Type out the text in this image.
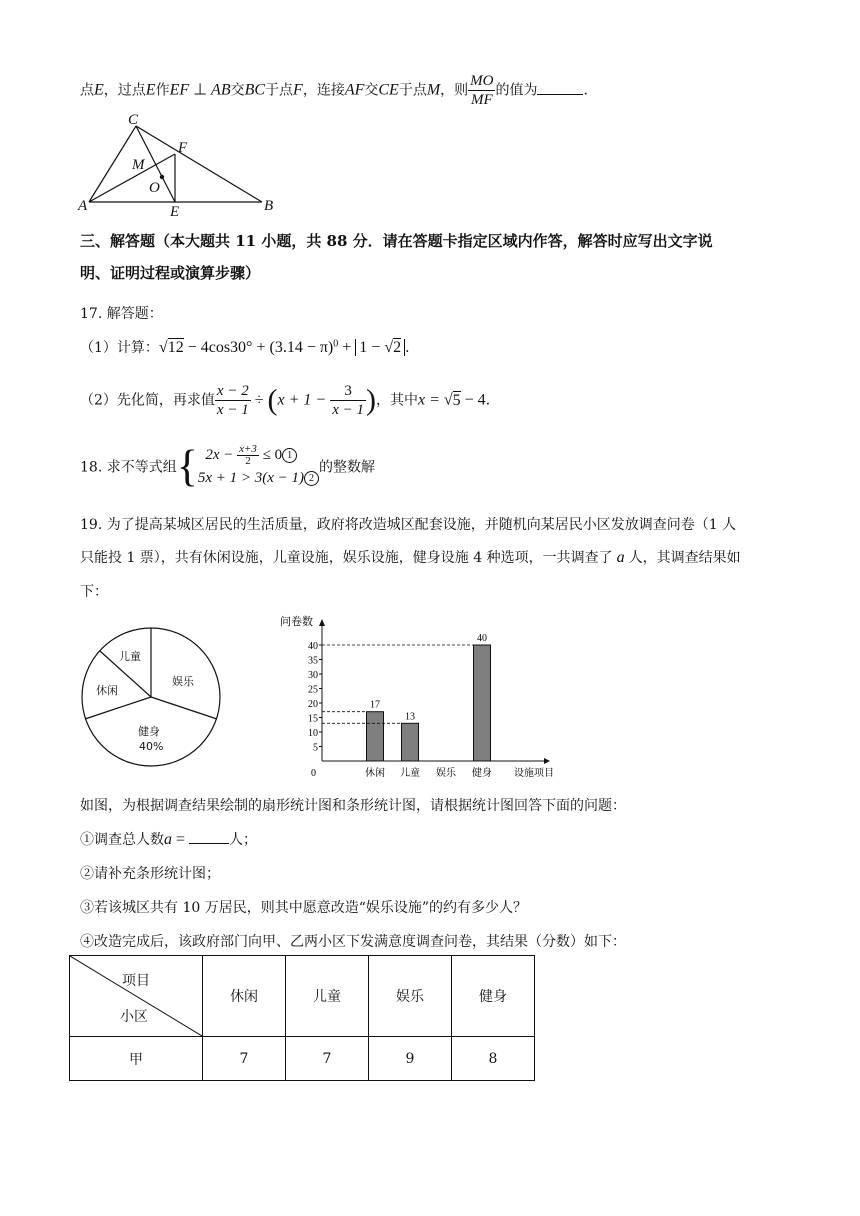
点E，过点E作EF ⊥ AB交BC于点F，连接AF交CE于点M，则 $\frac{MO}{MF}$ 的值为	.
C
F
M
O
A	E	B
三、解答题（本大题共 11 小题，共 88 分．请在答题卡指定区域内作答，解答时应写出文字说
明、证明过程或演算步骤）
17. 解答题：
（1）计算：$√12 - 4\cos 30^\circ + (3.14 - \pi)^0 + 1 - √2$ ．
（2）先化简，再求值 $\frac{x - 2}{x - 1} \div (x + 1 - \frac{3}{x - 1}$ )，其中x = √5 − 4．
18. 求不等式组{ $2x - \frac{x+3}{2} \le 0$ 1
5x + 1 > 3(x − 1) 2
的整数解
19. 为了提高某城区居民的生活质量，政府将改造城区配套设施，并随机向某居民小区发放调查问卷（1 人
只能投 1 票），共有休闲设施，儿童设施，娱乐设施，健身设施 4 种选项，一共调查了 a 人，其调查结果如
下：
儿童
娱乐
休闲
健身
40%
问卷数
设施项目
0
5
10
15
20
25
30
35
40
休闲
17
儿童
13
娱乐 健身
40
如图，为根据调查结果绘制的扇形统计图和条形统计图，请根据统计图回答下面的问题：
①调查总人数a =	人；
②请补充条形统计图；
③若该城区共有 10 万居民，则其中愿意改造“娱乐设施”的约有多少人？
④改造完成后，该政府部门向甲、乙两小区下发满意度调查问卷，其结果（分数）如下：
项目
小区	休闲	儿童	娱乐	健身
甲	7	7	9	8
